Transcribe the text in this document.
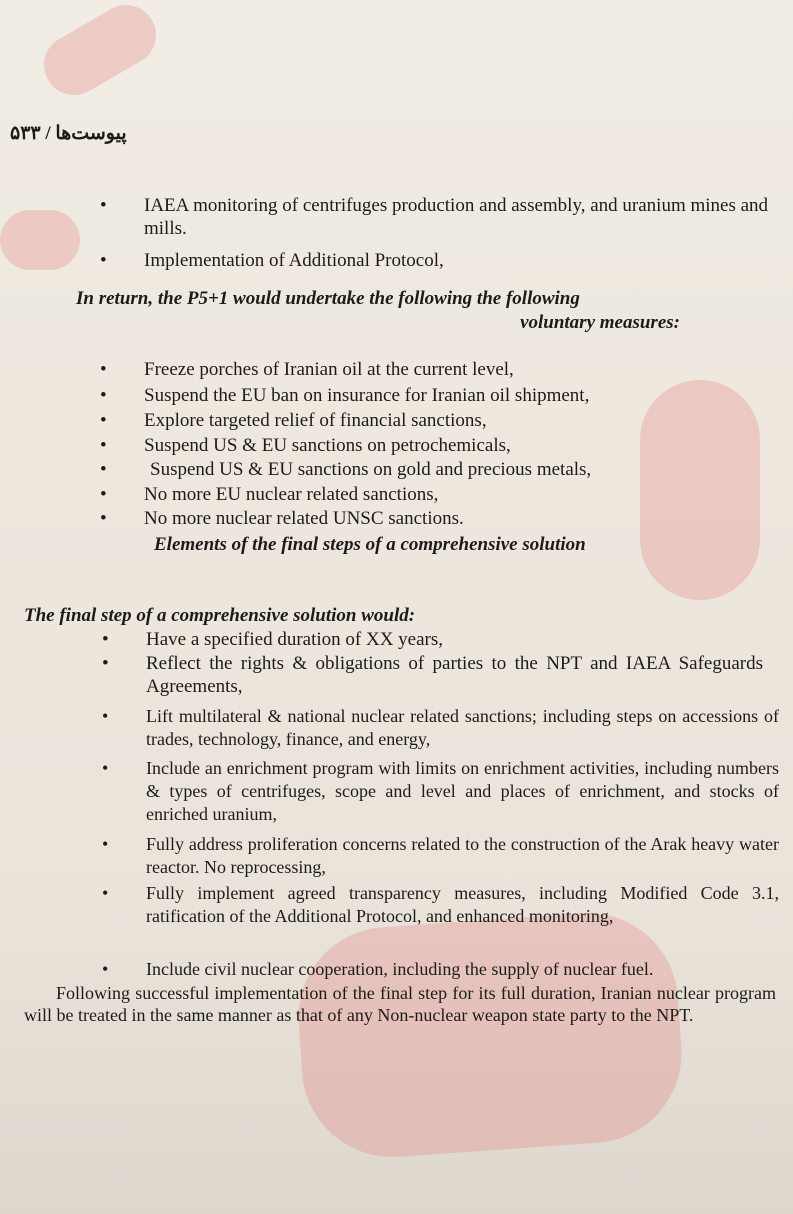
پیوست‌ها / ۵۳۳
• IAEA monitoring of centrifuges production and assembly, and uranium mines and mills.
• Implementation of Additional Protocol,
In return, the P5+1 would undertake the following the following
voluntary measures:
• Freeze porches of Iranian oil at the current level,
• Suspend the EU ban on insurance for Iranian oil shipment,
• Explore targeted relief of financial sanctions,
• Suspend US & EU sanctions on petrochemicals,
• Suspend US & EU sanctions on gold and precious metals,
• No more EU nuclear related sanctions,
• No more nuclear related UNSC sanctions.
Elements of the final steps of a comprehensive solution
The final step of a comprehensive solution would:
• Have a specified duration of XX years,
• Reflect the rights & obligations of parties to the NPT and IAEA Safeguards Agreements,
• Lift multilateral & national nuclear related sanctions; including steps on accessions of trades, technology, finance, and energy,
• Include an enrichment program with limits on enrichment activities, including numbers & types of centrifuges, scope and level and places of enrichment, and stocks of enriched uranium,
• Fully address proliferation concerns related to the construction of the Arak heavy water reactor. No reprocessing,
• Fully implement agreed transparency measures, including Modified Code 3.1, ratification of the Additional Protocol, and enhanced monitoring,
• Include civil nuclear cooperation, including the supply of nuclear fuel.
Following successful implementation of the final step for its full duration, Iranian nuclear program will be treated in the same manner as that of any Non-nuclear weapon state party to the NPT.
